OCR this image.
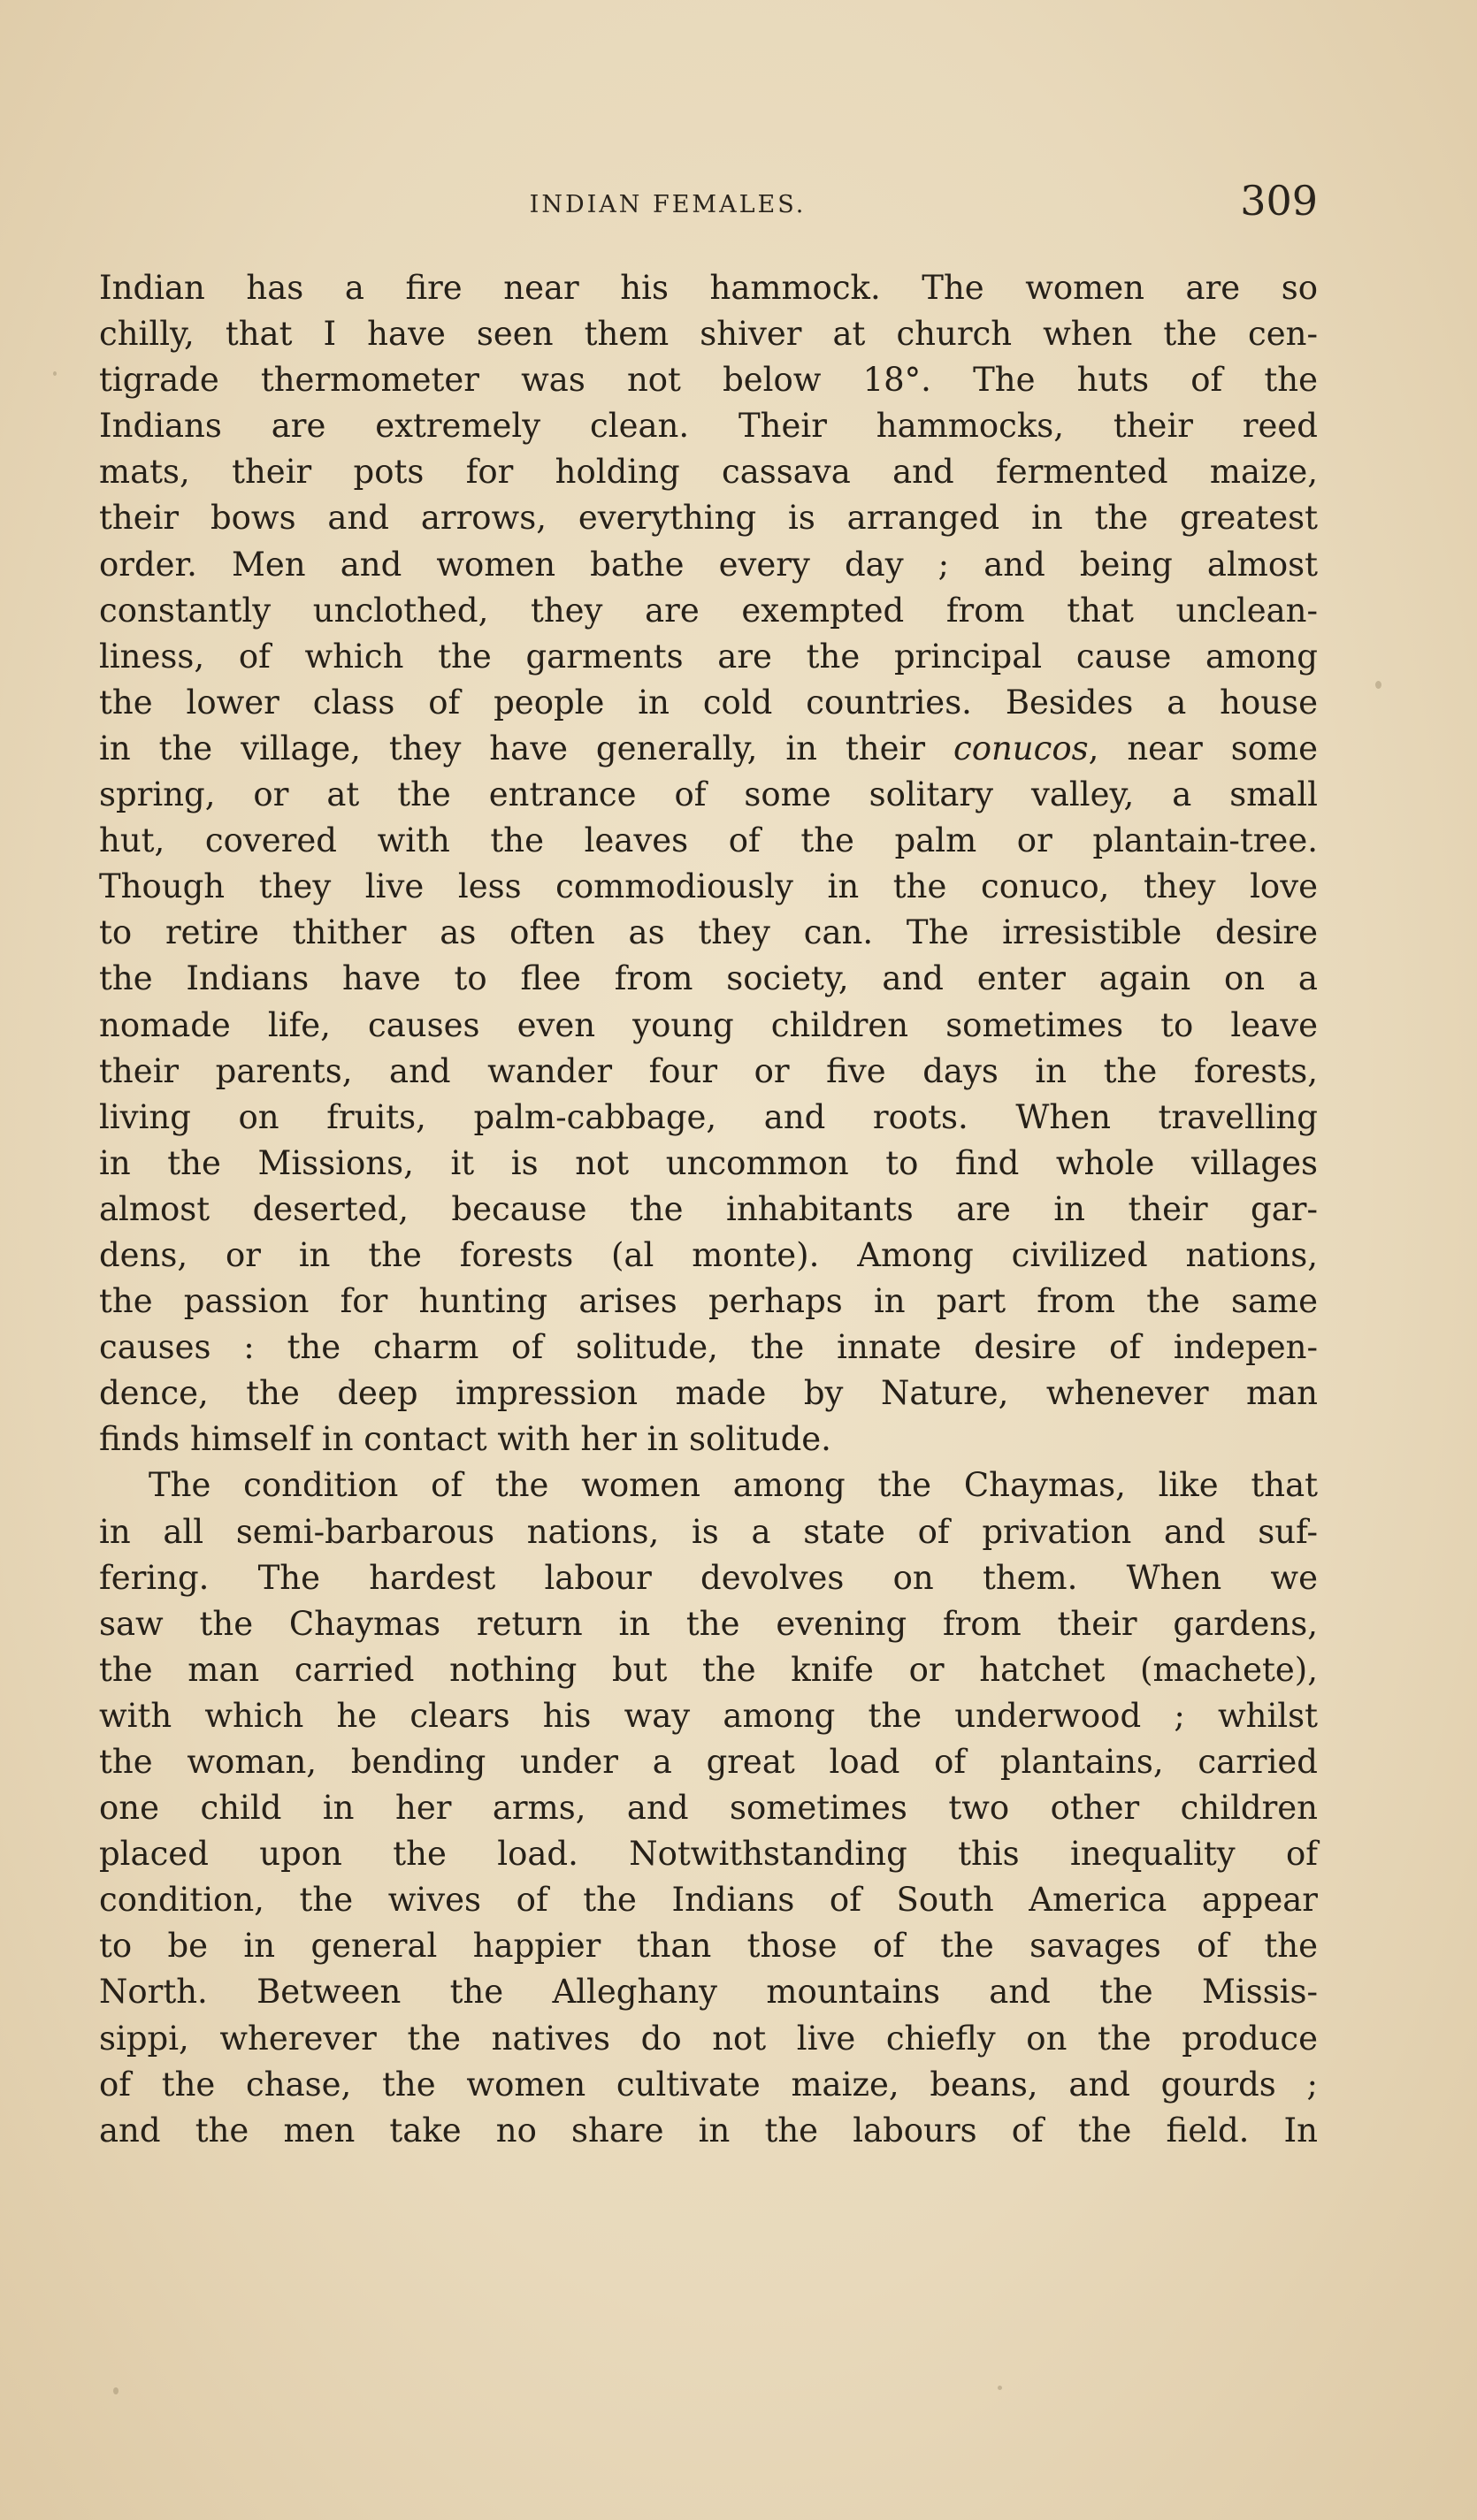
INDIAN FEMALES.	309

Indian has a fire near his hammock. The women are so
chilly, that I have seen them shiver at church when the cen-
tigrade thermometer was not below 18°. The huts of the
Indians are extremely clean. Their hammocks, their reed
mats, their pots for holding cassava and fermented maize,
their bows and arrows, everything is arranged in the greatest
order. Men and women bathe every day ; and being almost
constantly unclothed, they are exempted from that unclean-
liness, of which the garments are the principal cause among
the lower class of people in cold countries. Besides a house
in the village, they have generally, in their conucos, near some
spring, or at the entrance of some solitary valley, a small
hut, covered with the leaves of the palm or plantain-tree.
Though they live less commodiously in the conuco, they love
to retire thither as often as they can. The irresistible desire
the Indians have to flee from society, and enter again on a
nomade life, causes even young children sometimes to leave
their parents, and wander four or five days in the forests,
living on fruits, palm-cabbage, and roots. When travelling
in the Missions, it is not uncommon to find whole villages
almost deserted, because the inhabitants are in their gar-
dens, or in the forests (al monte). Among civilized nations,
the passion for hunting arises perhaps in part from the same
causes : the charm of solitude, the innate desire of indepen-
dence, the deep impression made by Nature, whenever man
finds himself in contact with her in solitude.

The condition of the women among the Chaymas, like that
in all semi-barbarous nations, is a state of privation and suf-
fering. The hardest labour devolves on them. When we
saw the Chaymas return in the evening from their gardens,
the man carried nothing but the knife or hatchet (machete),
with which he clears his way among the underwood ; whilst
the woman, bending under a great load of plantains, carried
one child in her arms, and sometimes two other children
placed upon the load. Notwithstanding this inequality of
condition, the wives of the Indians of South America appear
to be in general happier than those of the savages of the
North. Between the Alleghany mountains and the Missis-
sippi, wherever the natives do not live chiefly on the produce
of the chase, the women cultivate maize, beans, and gourds ;
and the men take no share in the labours of the field. In
